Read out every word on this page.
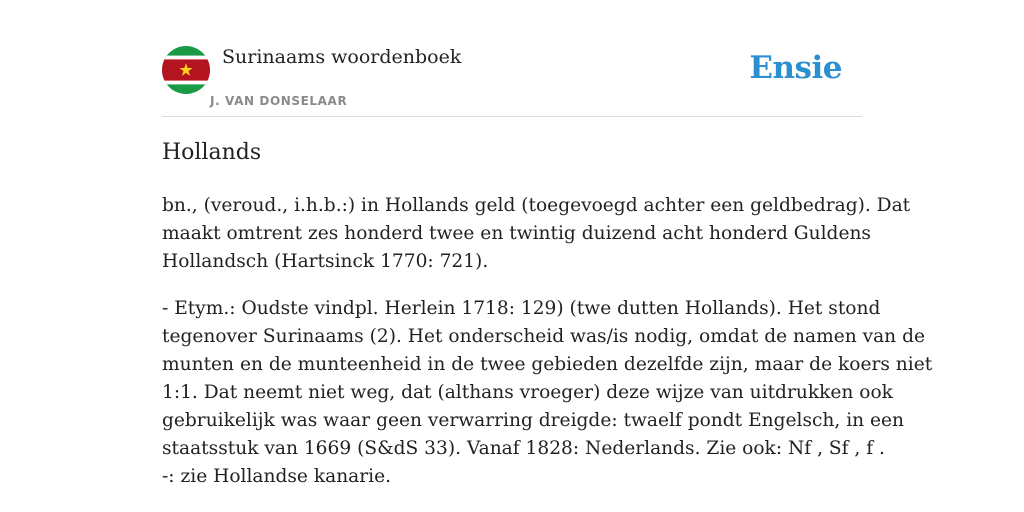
Surinaams woordenboek
J. VAN DONSELAAR
Ensie
Hollands

bn., (veroud., i.h.b.:) in Hollands geld (toegevoegd achter een geldbedrag). Dat
maakt omtrent zes honderd twee en twintig duizend acht honderd Guldens
Hollandsch (Hartsinck 1770: 721).

- Etym.: Oudste vindpl. Herlein 1718: 129) (twe dutten Hollands). Het stond
tegenover Surinaams (2). Het onderscheid was/is nodig, omdat de namen van de
munten en de munteenheid in de twee gebieden dezelfde zijn, maar de koers niet
1:1. Dat neemt niet weg, dat (althans vroeger) deze wijze van uitdrukken ook
gebruikelijk was waar geen verwarring dreigde: twaelf pondt Engelsch, in een
staatsstuk van 1669 (S&dS 33). Vanaf 1828: Nederlands. Zie ook: Nf , Sf , f .
-: zie Hollandse kanarie.
